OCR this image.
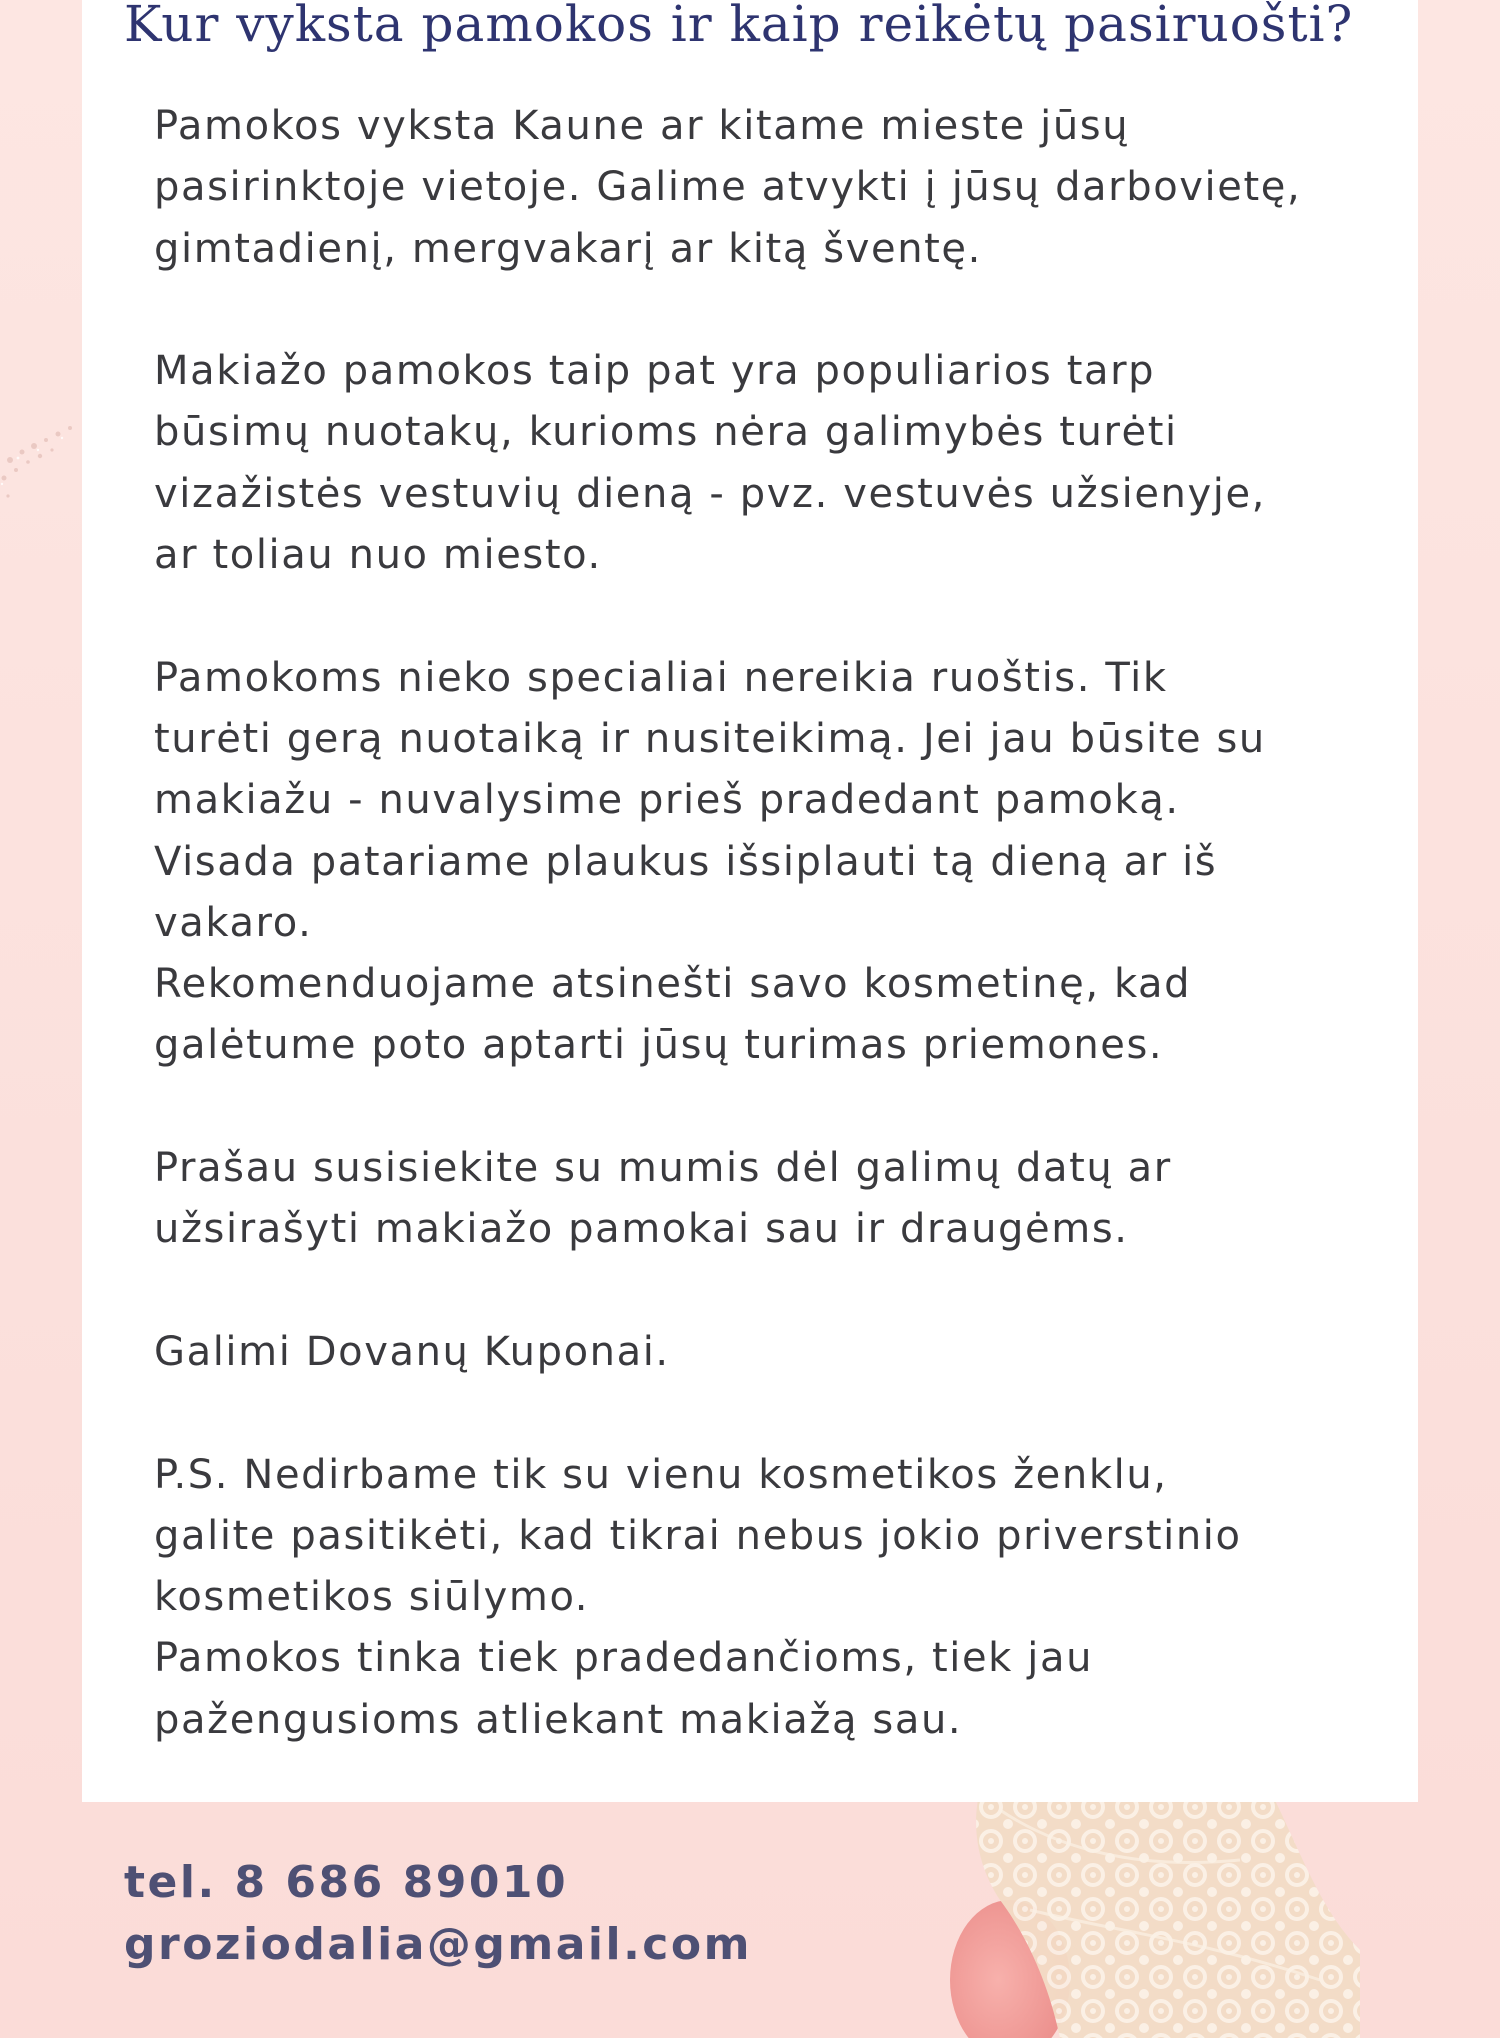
Kur vyksta pamokos ir kaip reikėtų pasiruošti?
Pamokos vyksta Kaune ar kitame mieste jūsų
pasirinktoje vietoje. Galime atvykti į jūsų darbovietę,
gimtadienį, mergvakarį ar kitą šventę.
Makiažo pamokos taip pat yra populiarios tarp
būsimų nuotakų, kurioms nėra galimybės turėti
vizažistės vestuvių dieną - pvz. vestuvės užsienyje,
ar toliau nuo miesto.
Pamokoms nieko specialiai nereikia ruoštis. Tik
turėti gerą nuotaiką ir nusiteikimą. Jei jau būsite su
makiažu - nuvalysime prieš pradedant pamoką.
Visada patariame plaukus išsiplauti tą dieną ar iš
vakaro.
Rekomenduojame atsinešti savo kosmetinę, kad
galėtume poto aptarti jūsų turimas priemones.
Prašau susisiekite su mumis dėl galimų datų ar
užsirašyti makiažo pamokai sau ir draugėms.
Galimi Dovanų Kuponai.
P.S. Nedirbame tik su vienu kosmetikos ženklu,
galite pasitikėti, kad tikrai nebus jokio priverstinio
kosmetikos siūlymo.
Pamokos tinka tiek pradedančioms, tiek jau
pažengusioms atliekant makiažą sau.
tel. 8 686 89010
groziodalia@gmail.com
